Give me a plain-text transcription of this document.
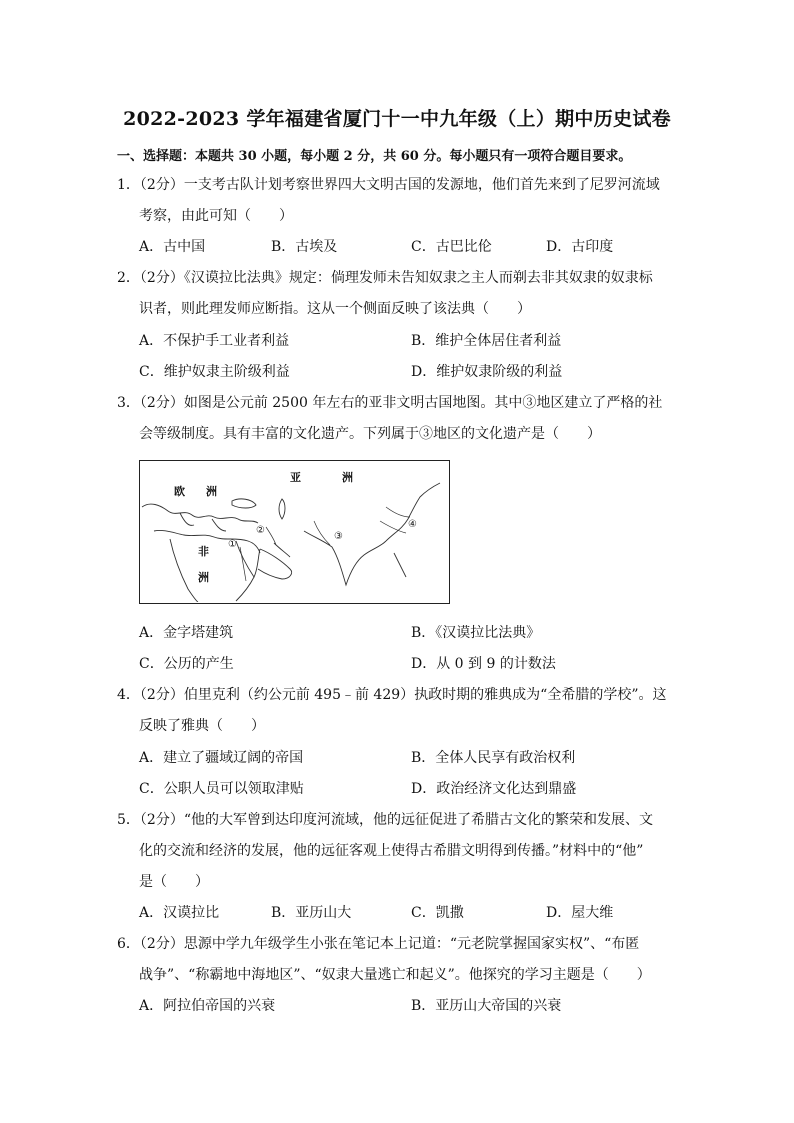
2022-2023 学年福建省厦门十一中九年级（上）期中历史试卷
一、选择题：本题共 30 小题，每小题 2 分，共 60 分。每小题只有一项符合题目要求。
1．（2分）一支考古队计划考察世界四大文明古国的发源地，他们首先来到了尼罗河流域
考察，由此可知（　　）
A．古中国	B．古埃及	C．古巴比伦	D．古印度
2．（2分）《汉谟拉比法典》规定：倘理发师未告知奴隶之主人而剃去非其奴隶的奴隶标
识者，则此理发师应断指。这从一个侧面反映了该法典（　　）
A．不保护手工业者利益	B．维护全体居住者利益
C．维护奴隶主阶级利益	D．维护奴隶阶级的利益
3．（2分）如图是公元前 2500 年左右的亚非文明古国地图。其中③地区建立了严格的社
会等级制度。具有丰富的文化遗产。下列属于③地区的文化遗产是（　　）
亚	洲
欧 洲
非
洲
①
②
③
④
A．金字塔建筑	B．《汉谟拉比法典》
C．公历的产生	D．从 0 到 9 的计数法
4．（2分）伯里克利（约公元前 495﹣前 429）执政时期的雅典成为“全希腊的学校”。这
反映了雅典（　　）
A．建立了疆域辽阔的帝国	B．全体人民享有政治权利
C．公职人员可以领取津贴	D．政治经济文化达到鼎盛
5．（2分）“他的大军曾到达印度河流域，他的远征促进了希腊古文化的繁荣和发展、文
化的交流和经济的发展，他的远征客观上使得古希腊文明得到传播。”材料中的“他”
是（　　）
A．汉谟拉比	B．亚历山大	C．凯撒	D．屋大维
6．（2分）思源中学九年级学生小张在笔记本上记道：“元老院掌握国家实权”、“布匿
战争”、“称霸地中海地区”、“奴隶大量逃亡和起义”。他探究的学习主题是（　　）
A．阿拉伯帝国的兴衰	B．亚历山大帝国的兴衰
